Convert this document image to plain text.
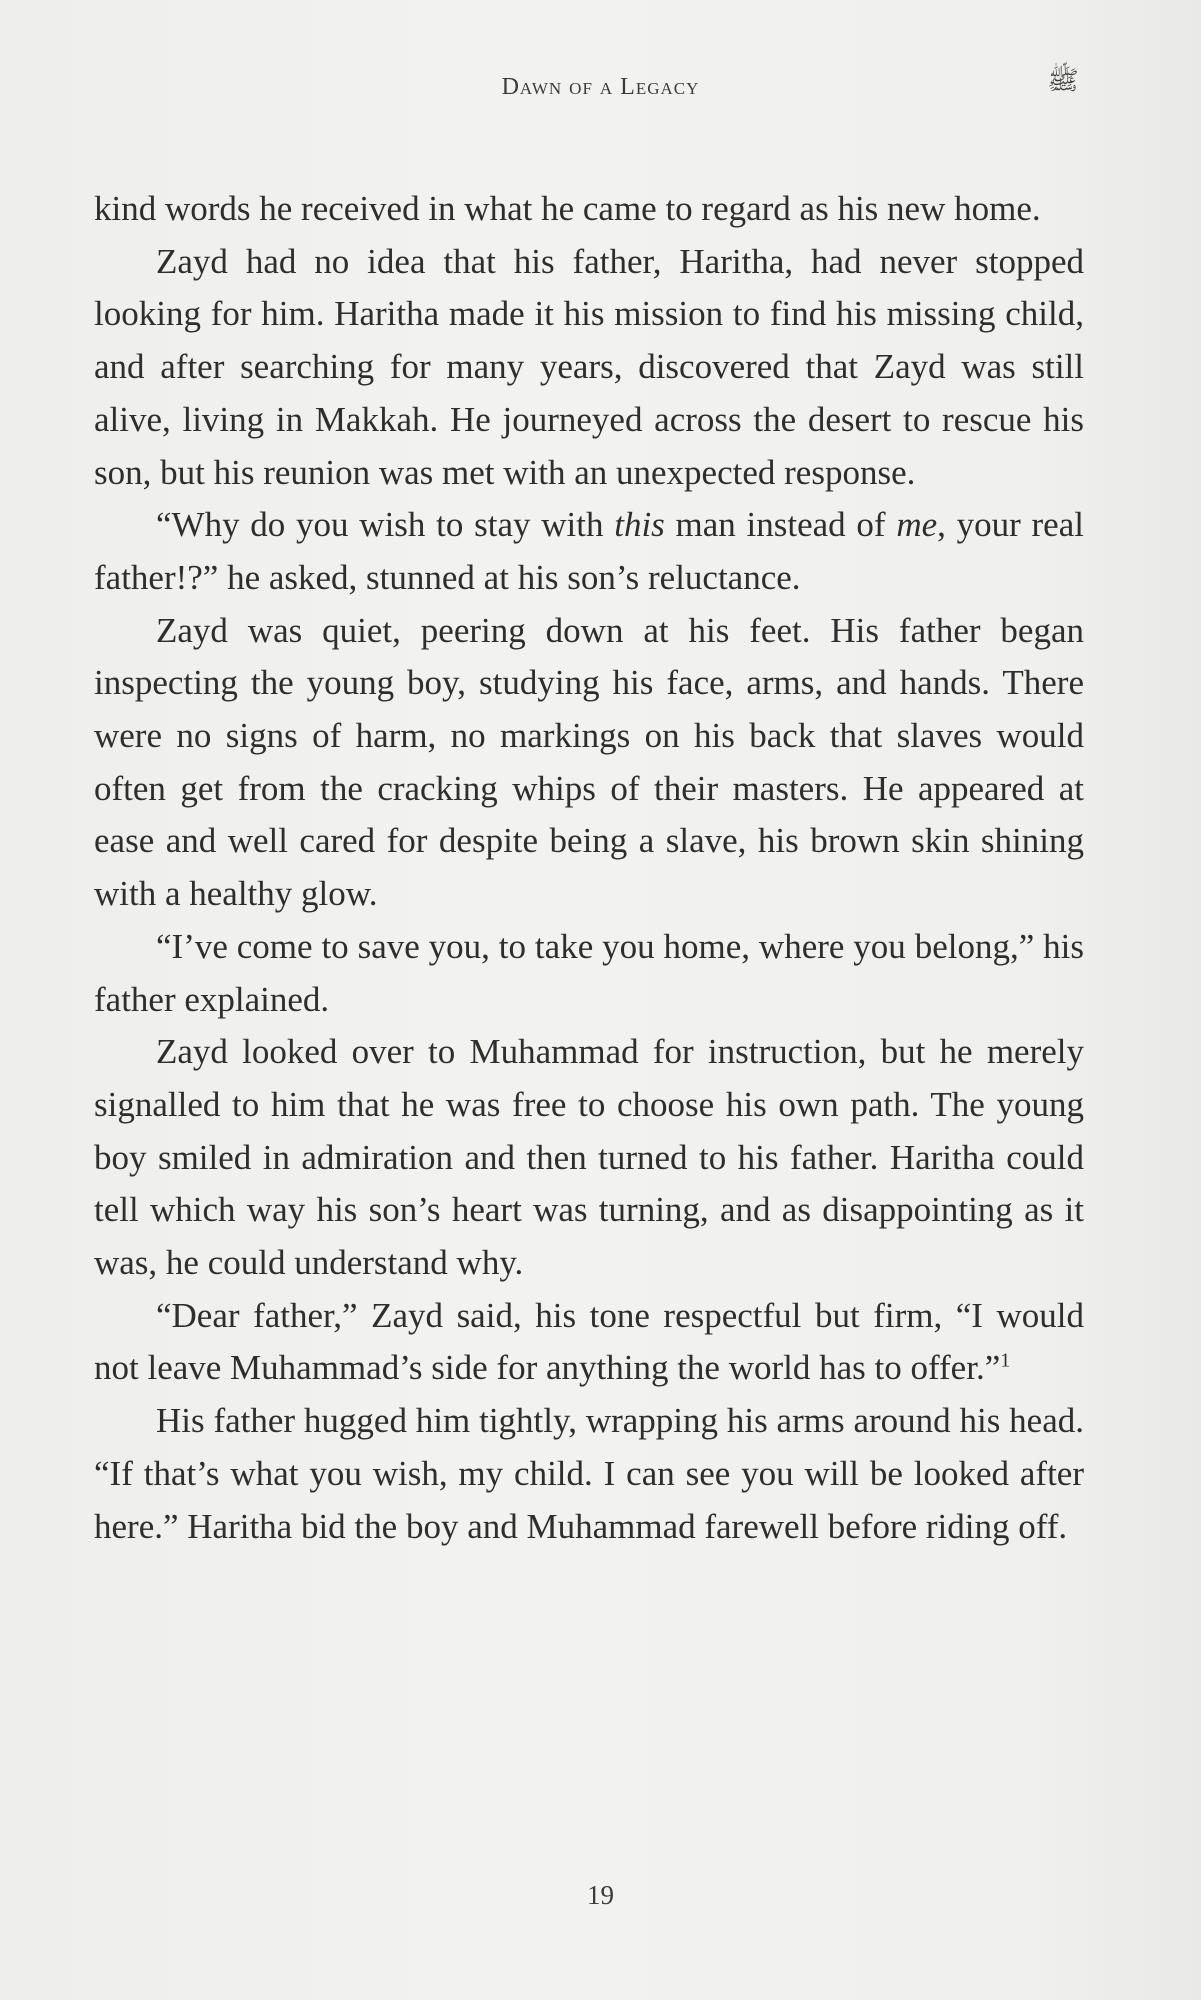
Dawn of a Legacy	ﷺ

kind words he received in what he came to regard as his new home.

Zayd had no idea that his father, Haritha, had never stopped looking for him. Haritha made it his mission to find his missing child, and after searching for many years, discovered that Zayd was still alive, living in Makkah. He journeyed across the desert to rescue his son, but his reunion was met with an unexpected response.

“Why do you wish to stay with this man instead of me, your real father!?” he asked, stunned at his son’s reluctance.

Zayd was quiet, peering down at his feet. His father began inspecting the young boy, studying his face, arms, and hands. There were no signs of harm, no markings on his back that slaves would often get from the cracking whips of their masters. He appeared at ease and well cared for despite being a slave, his brown skin shining with a healthy glow.

“I’ve come to save you, to take you home, where you belong,” his father explained.

Zayd looked over to Muhammad for instruction, but he merely signalled to him that he was free to choose his own path. The young boy smiled in admiration and then turned to his father. Haritha could tell which way his son’s heart was turning, and as disappointing as it was, he could understand why.

“Dear father,” Zayd said, his tone respectful but firm, “I would not leave Muhammad’s side for anything the world has to offer.”$^1$

His father hugged him tightly, wrapping his arms around his head. “If that’s what you wish, my child. I can see you will be looked after here.” Haritha bid the boy and Muhammad farewell before riding off.

19
